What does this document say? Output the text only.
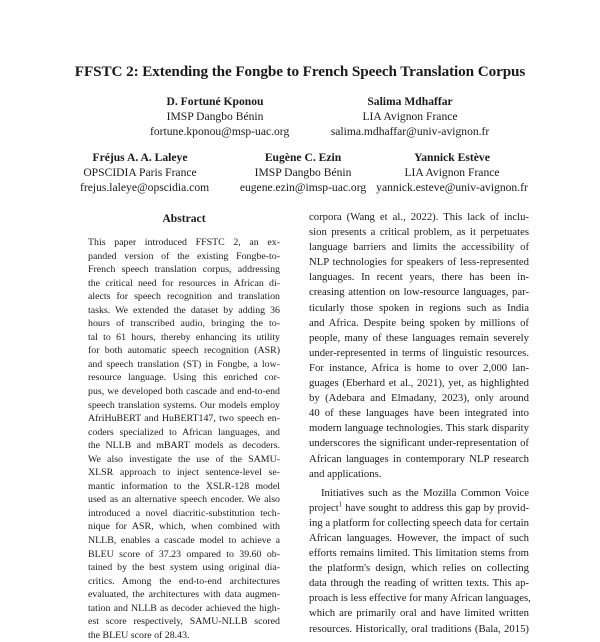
FFSTC 2: Extending the Fongbe to French Speech Translation Corpus
D. Fortuné Kponou
IMSP Dangbo Bénin
fortune.kponou@msp-uac.org
Salima Mdhaffar
LIA Avignon France
salima.mdhaffar@univ-avignon.fr
Fréjus A. A. Laleye
OPSCIDIA Paris France
frejus.laleye@opscidia.com
Eugène C. Ezin
IMSP Dangbo Bénin
eugene.ezin@imsp-uac.org
Yannick Estève
LIA Avignon France
yannick.esteve@univ-avignon.fr
Abstract
This paper introduced FFSTC 2, an ex-
panded version of the existing Fongbe-to-
French speech translation corpus, addressing
the critical need for resources in African di-
alects for speech recognition and translation
tasks. We extended the dataset by adding 36
hours of transcribed audio, bringing the to-
tal to 61 hours, thereby enhancing its utility
for both automatic speech recognition (ASR)
and speech translation (ST) in Fongbe, a low-
resource language. Using this enriched cor-
pus, we developed both cascade and end-to-end
speech translation systems. Our models employ
AfriHuBERT and HuBERT147, two speech en-
coders specialized to African languages, and
the NLLB and mBART models as decoders.
We also investigate the use of the SAMU-
XLSR approach to inject sentence-level se-
mantic information to the XSLR-128 model
used as an alternative speech encoder. We also
introduced a novel diacritic-substitution tech-
nique for ASR, which, when combined with
NLLB, enables a cascade model to achieve a
BLEU score of 37.23 ompared to 39.60 ob-
tained by the best system using original dia-
critics. Among the end-to-end architectures
evaluated, the architectures with data augmen-
tation and NLLB as decoder achieved the high-
est score respectively, SAMU-NLLB scored
the BLEU score of 28.43.
corpora (Wang et al., 2022). This lack of inclu-
sion presents a critical problem, as it perpetuates
language barriers and limits the accessibility of
NLP technologies for speakers of less-represented
languages. In recent years, there has been in-
creasing attention on low-resource languages, par-
ticularly those spoken in regions such as India
and Africa. Despite being spoken by millions of
people, many of these languages remain severely
under-represented in terms of linguistic resources.
For instance, Africa is home to over 2,000 lan-
guages (Eberhard et al., 2021), yet, as highlighted
by (Adebara and Elmadany, 2023), only around
40 of these languages have been integrated into
modern language technologies. This stark disparity
underscores the significant under-representation of
African languages in contemporary NLP research
and applications.
Initiatives such as the Mozilla Common Voice
project$^1$ have sought to address this gap by provid-
ing a platform for collecting speech data for certain
African languages. However, the impact of such
efforts remains limited. This limitation stems from
the platform's design, which relies on collecting
data through the reading of written texts. This ap-
proach is less effective for many African languages,
which are primarily oral and have limited written
resources. Historically, oral traditions (Bala, 2015)
